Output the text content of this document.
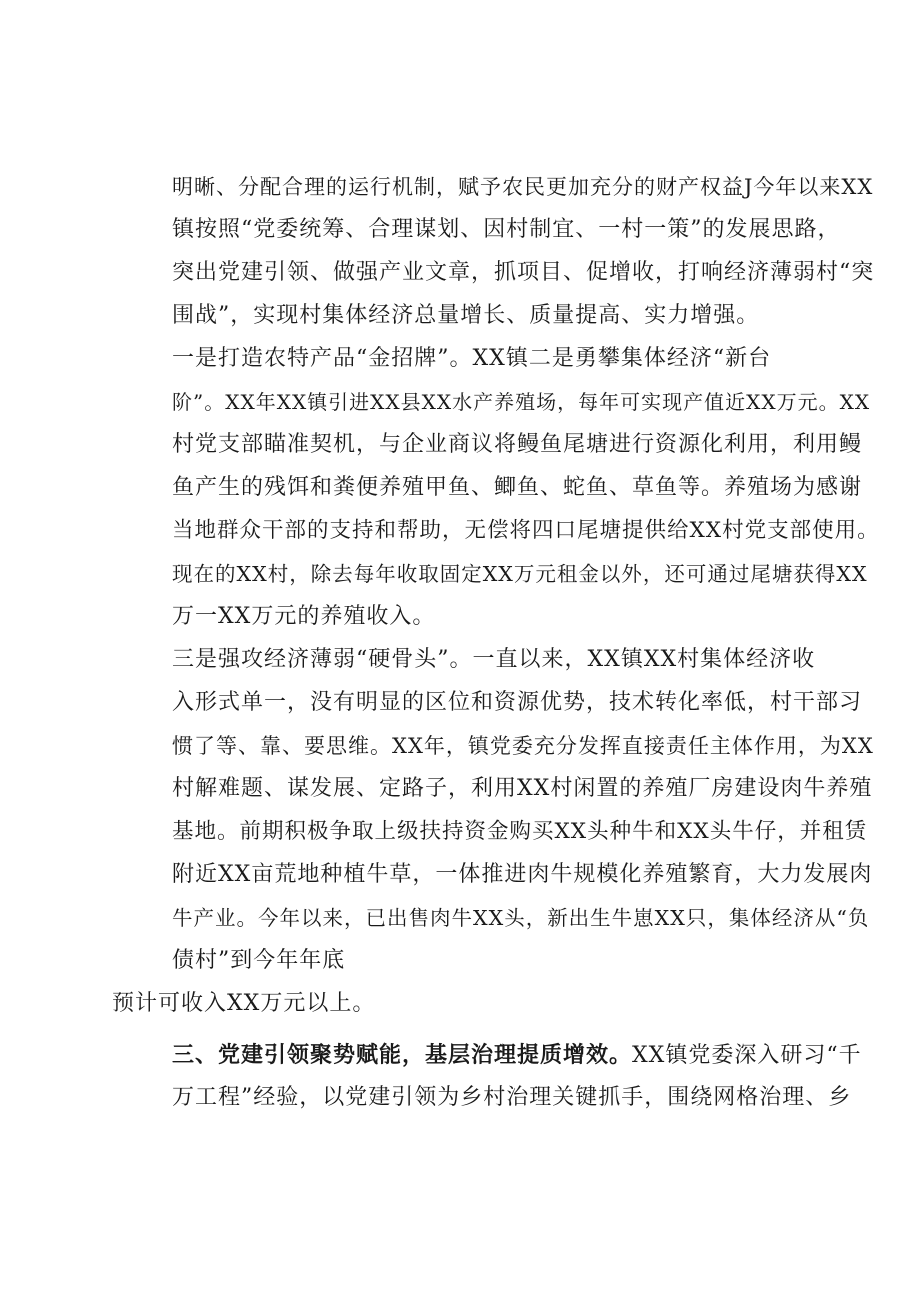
明晰、分配合理的运行机制，赋予农民更加充分的财产权益J今年以来XX
镇按照“党委统筹、合理谋划、因村制宜、一村一策”的发展思路，
突出党建引领、做强产业文章，抓项目、促增收，打响经济薄弱村“突
围战”，实现村集体经济总量增长、质量提高、实力增强。
一是打造农特产品“金招牌”。XX镇二是勇攀集体经济“新台
阶”。XX年XX镇引进XX县XX水产养殖场，每年可实现产值近XX万元。XX
村党支部瞄准契机，与企业商议将鳗鱼尾塘进行资源化利用，利用鳗
鱼产生的残饵和粪便养殖甲鱼、鲫鱼、蛇鱼、草鱼等。养殖场为感谢
当地群众干部的支持和帮助，无偿将四口尾塘提供给XX村党支部使用。
现在的XX村，除去每年收取固定XX万元租金以外，还可通过尾塘获得XX
万一XX万元的养殖收入。
三是强攻经济薄弱“硬骨头”。一直以来，XX镇XX村集体经济收
入形式单一，没有明显的区位和资源优势，技术转化率低，村干部习
惯了等、靠、要思维。XX年，镇党委充分发挥直接责任主体作用，为XX
村解难题、谋发展、定路子，利用XX村闲置的养殖厂房建设肉牛养殖
基地。前期积极争取上级扶持资金购买XX头种牛和XX头牛仔，并租赁
附近XX亩荒地种植牛草，一体推进肉牛规模化养殖繁育，大力发展肉
牛产业。今年以来，已出售肉牛XX头，新出生牛崽XX只，集体经济从“负
债村”到今年年底
预计可收入XX万元以上。
三、党建引领聚势赋能，基层治理提质增效。XX镇党委深入研习“千
万工程”经验，以党建引领为乡村治理关键抓手，围绕网格治理、乡
